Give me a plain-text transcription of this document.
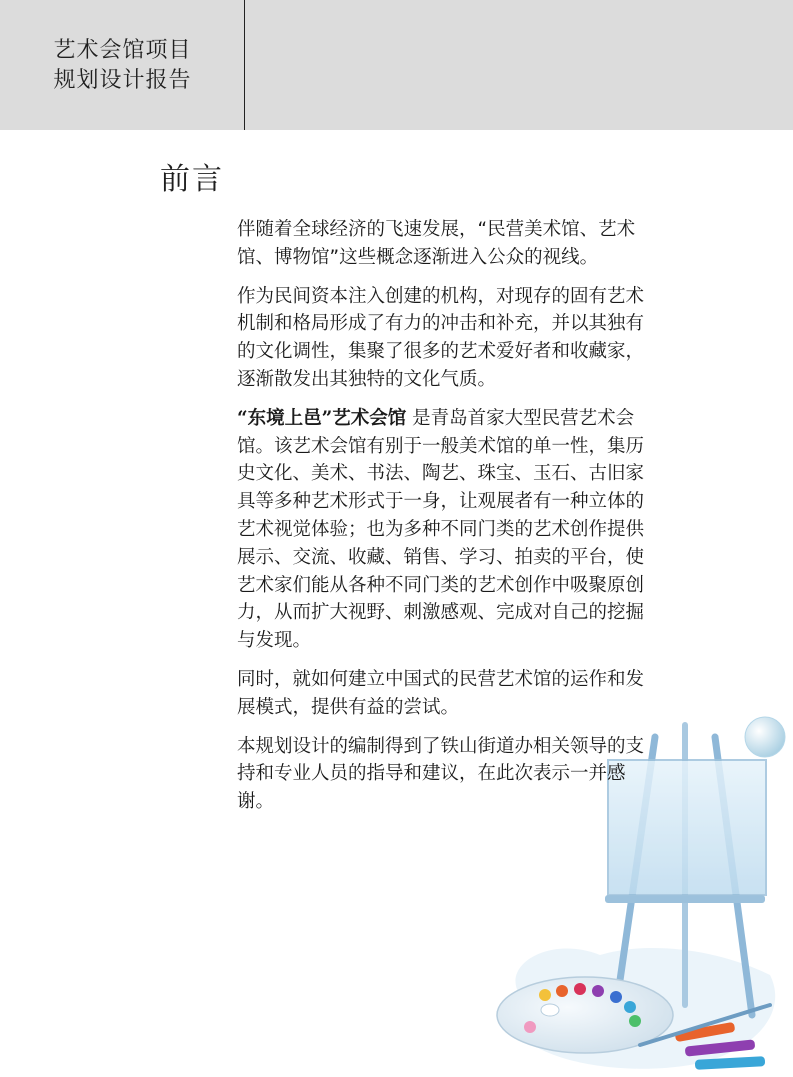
艺术会馆项目
规划设计报告
前言

伴随着全球经济的飞速发展，“民营美术馆、艺术馆、博物馆”这些概念逐渐进入公众的视线。

作为民间资本注入创建的机构，对现存的固有艺术机制和格局形成了有力的冲击和补充，并以其独有的文化调性，集聚了很多的艺术爱好者和收藏家，逐渐散发出其独特的文化气质。

“东境上邑”艺术会馆 是青岛首家大型民营艺术会馆。该艺术会馆有别于一般美术馆的单一性，集历史文化、美术、书法、陶艺、珠宝、玉石、古旧家具等多种艺术形式于一身，让观展者有一种立体的艺术视觉体验；也为多种不同门类的艺术创作提供展示、交流、收藏、销售、学习、拍卖的平台，使艺术家们能从各种不同门类的艺术创作中吸聚原创力，从而扩大视野、刺激感观、完成对自己的挖掘与发现。

同时，就如何建立中国式的民营艺术馆的运作和发展模式，提供有益的尝试。

本规划设计的编制得到了铁山街道办相关领导的支持和专业人员的指导和建议，在此次表示一并感谢。
